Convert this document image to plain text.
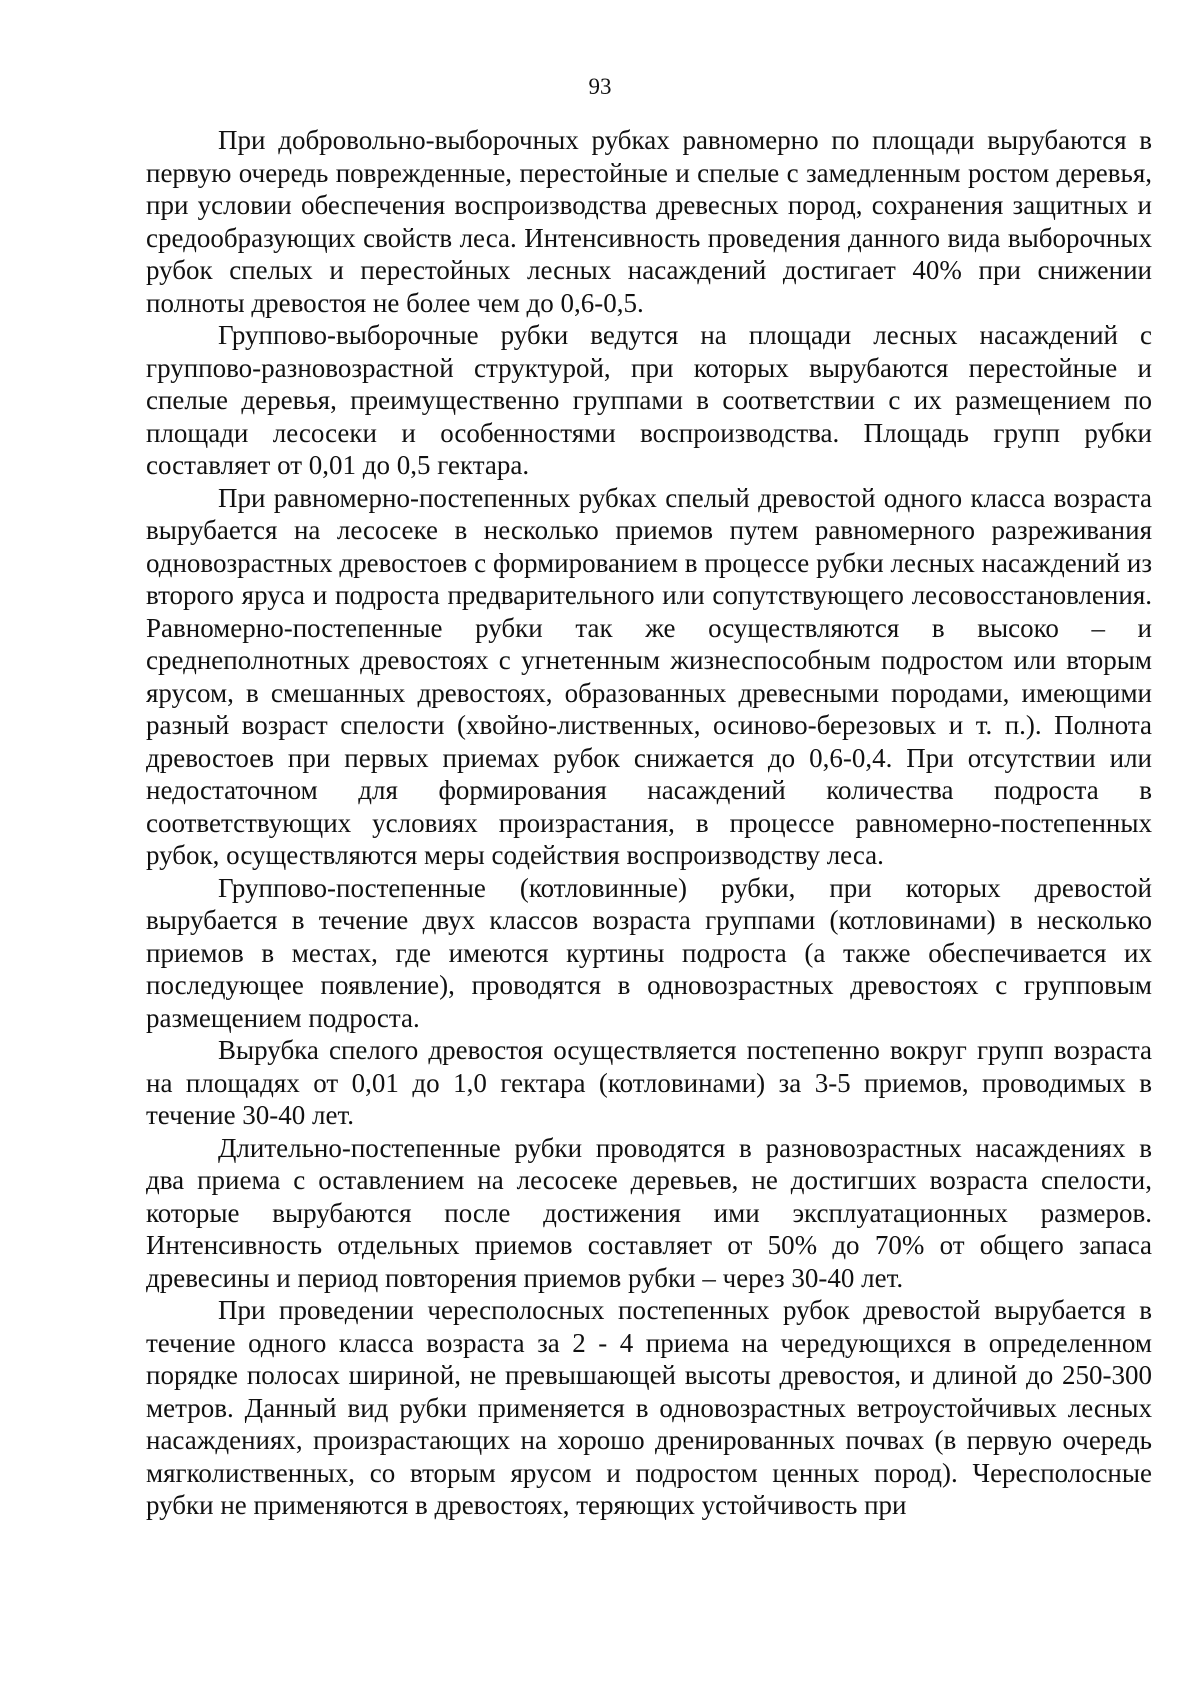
93

При добровольно-выборочных рубках равномерно по площади вырубаются в первую очередь поврежденные, перестойные и спелые с замедленным ростом деревья, при условии обеспечения воспроизводства древесных пород, сохранения защитных и средообразующих свойств леса. Интенсивность проведения данного вида выборочных рубок спелых и перестойных лесных насаждений достигает 40% при снижении полноты древостоя не более чем до 0,6-0,5.

Группово-выборочные рубки ведутся на площади лесных насаждений с группово-разновозрастной структурой, при которых вырубаются перестойные и спелые деревья, преимущественно группами в соответствии с их размещением по площади лесосеки и особенностями воспроизводства. Площадь групп рубки составляет от 0,01 до 0,5 гектара.

При равномерно-постепенных рубках спелый древостой одного класса возраста вырубается на лесосеке в несколько приемов путем равномерного разреживания одновозрастных древостоев с формированием в процессе рубки лесных насаждений из второго яруса и подроста предварительного или сопутствующего лесовосстановления. Равномерно-постепенные рубки так же осуществляются в высоко – и среднеполнотных древостоях с угнетенным жизнеспособным подростом или вторым ярусом, в смешанных древостоях, образованных древесными породами, имеющими разный возраст спелости (хвойно-лиственных, осиново-березовых и т. п.). Полнота древостоев при первых приемах рубок снижается до 0,6-0,4. При отсутствии или недостаточном для формирования насаждений количества подроста в соответствующих условиях произрастания, в процессе равномерно-постепенных рубок, осуществляются меры содействия воспроизводству леса.

Группово-постепенные (котловинные) рубки, при которых древостой вырубается в течение двух классов возраста группами (котловинами) в несколько приемов в местах, где имеются куртины подроста (а также обеспечивается их последующее появление), проводятся в одновозрастных древостоях с групповым размещением подроста.

Вырубка спелого древостоя осуществляется постепенно вокруг групп возраста на площадях от 0,01 до 1,0 гектара (котловинами) за 3-5 приемов, проводимых в течение 30-40 лет.

Длительно-постепенные рубки проводятся в разновозрастных насаждениях в два приема с оставлением на лесосеке деревьев, не достигших возраста спелости, которые вырубаются после достижения ими эксплуатационных размеров. Интенсивность отдельных приемов составляет от 50% до 70% от общего запаса древесины и период повторения приемов рубки – через 30-40 лет.

При проведении чересполосных постепенных рубок древостой вырубается в течение одного класса возраста за 2 - 4 приема на чередующихся в определенном порядке полосах шириной, не превышающей высоты древостоя, и длиной до 250-300 метров. Данный вид рубки применяется в одновозрастных ветроустойчивых лесных насаждениях, произрастающих на хорошо дренированных почвах (в первую очередь мягколиственных, со вторым ярусом и подростом ценных пород). Чересполосные рубки не применяются в древостоях, теряющих устойчивость при
